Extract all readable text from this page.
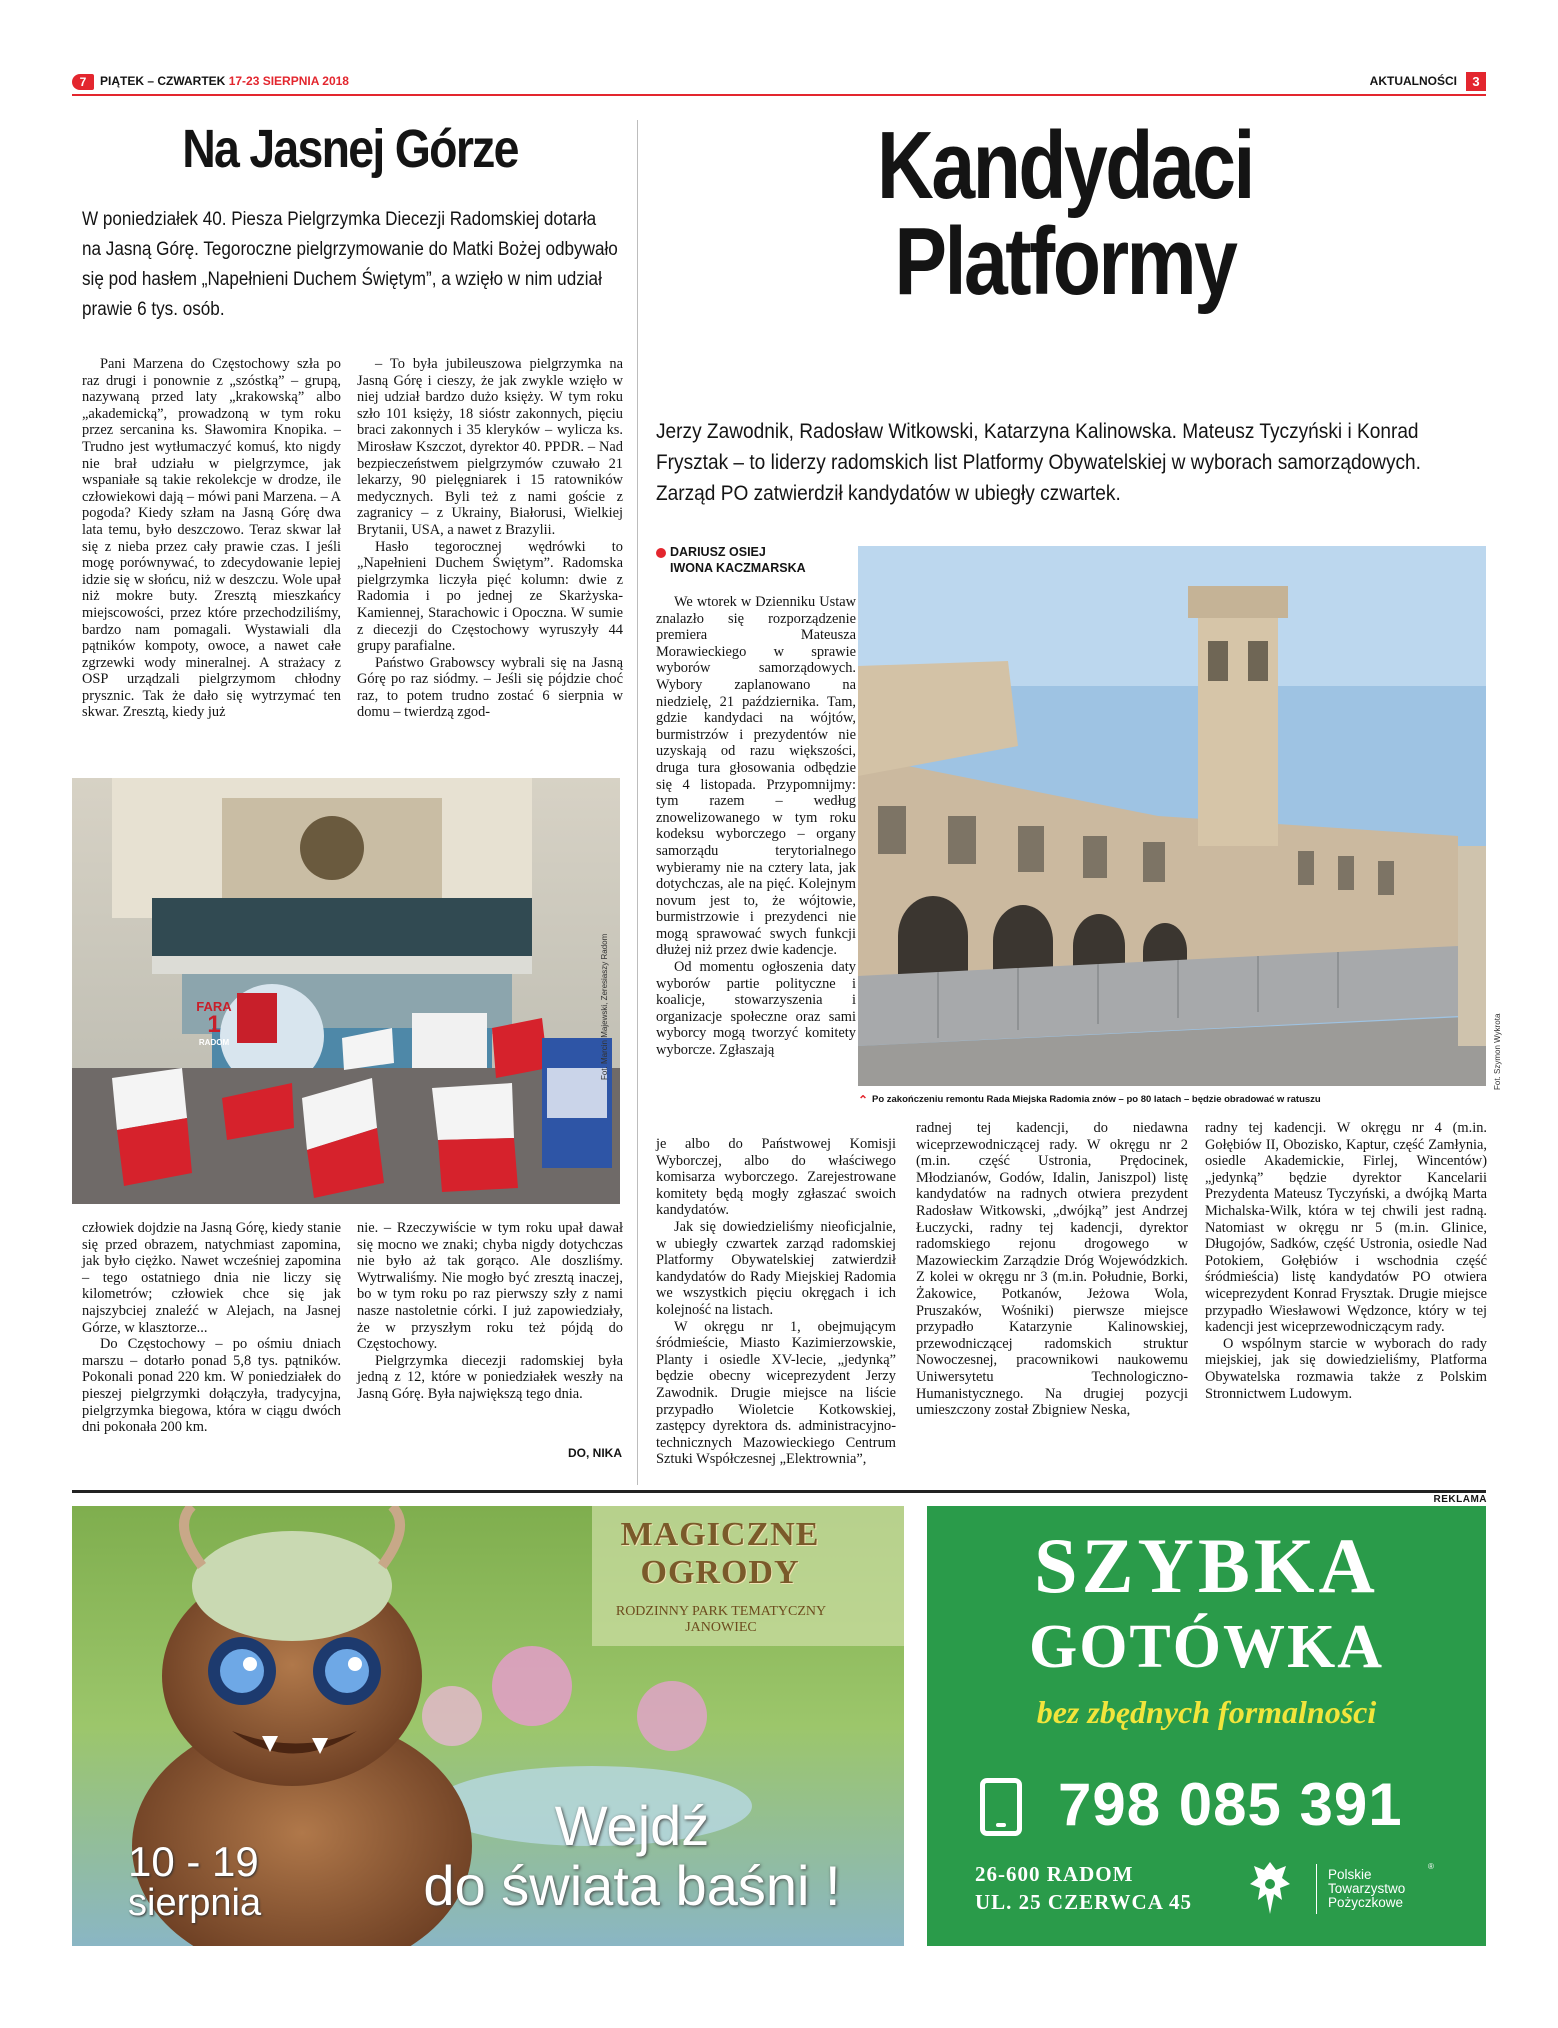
7	PIĄTEK – CZWARTEK 17-23 SIERPNIA 2018	AKTUALNOŚCI	3
Na Jasnej Górze
W poniedziałek 40. Piesza Pielgrzymka Diecezji Radomskiej dotarła na Jasną Górę. Tegoroczne pielgrzymowanie do Matki Bożej odbywało się pod hasłem „Napełnieni Duchem Świętym”, a wzięło w nim udział prawie 6 tys. osób.

Pani Marzena do Częstochowy szła po raz drugi i ponownie z „szóstką” – grupą, nazywaną przed laty „krakowską” albo „akademicką”, prowadzoną w tym roku przez sercanina ks. Sławomira Knopika. – Trudno jest wytłumaczyć komuś, kto nigdy nie brał udziału w pielgrzymce, jak wspaniałe są takie rekolekcje w drodze, ile człowiekowi dają – mówi pani Marzena. – A pogoda? Kiedy szłam na Jasną Górę dwa lata temu, było deszczowo. Teraz skwar lał się z nieba przez cały prawie czas. I jeśli mogę porównywać, to zdecydowanie lepiej idzie się w słońcu, niż w deszczu. Wole upał niż mokre buty. Zresztą mieszkańcy miejscowości, przez które przechodziliśmy, bardzo nam pomagali. Wystawiali dla pątników kompoty, owoce, a nawet całe zgrzewki wody mineralnej. A strażacy z OSP urządzali pielgrzymom chłodny prysznic. Tak że dało się wytrzymać ten skwar. Zresztą, kiedy już

– To była jubileuszowa pielgrzymka na Jasną Górę i cieszy, że jak zwykle wzięło w niej udział bardzo dużo księży. W tym roku szło 101 księży, 18 sióstr zakonnych, pięciu braci zakonnych i 35 kleryków – wylicza ks. Mirosław Kszczot, dyrektor 40. PPDR. – Nad bezpieczeństwem pielgrzymów czuwało 21 lekarzy, 90 pielęgniarek i 15 ratowników medycznych. Byli też z nami goście z zagranicy – z Ukrainy, Białorusi, Wielkiej Brytanii, USA, a nawet z Brazylii.

Hasło tegorocznej wędrówki to „Napełnieni Duchem Świętym”. Radomska pielgrzymka liczyła pięć kolumn: dwie z Radomia i po jednej ze Skarżyska-Kamiennej, Starachowic i Opoczna. W sumie z diecezji do Częstochowy wyruszyły 44 grupy parafialne.

Państwo Grabowscy wybrali się na Jasną Górę po raz siódmy. – Jeśli się pójdzie choć raz, to potem trudno zostać 6 sierpnia w domu – twierdzą zgod-

Fot. Marcin Majewski, Zeresiaszy Radom
FARA
1
RADOM

człowiek dojdzie na Jasną Górę, kiedy stanie się przed obrazem, natychmiast zapomina, jak było ciężko. Nawet wcześniej zapomina – tego ostatniego dnia nie liczy się kilometrów; człowiek chce się jak najszybciej znaleźć w Alejach, na Jasnej Górze, w klasztorze...

Do Częstochowy – po ośmiu dniach marszu – dotarło ponad 5,8 tys. pątników. Pokonali ponad 220 km. W poniedziałek do pieszej pielgrzymki dołączyła, tradycyjna, pielgrzymka biegowa, która w ciągu dwóch dni pokonała 200 km.

nie. – Rzeczywiście w tym roku upał dawał się mocno we znaki; chyba nigdy dotychczas nie było aż tak gorąco. Ale doszliśmy. Wytrwaliśmy. Nie mogło być zresztą inaczej, bo w tym roku po raz pierwszy szły z nami nasze nastoletnie córki. I już zapowiedziały, że w przyszłym roku też pójdą do Częstochowy.

Pielgrzymka diecezji radomskiej była jedną z 12, które w poniedziałek weszły na Jasną Górę. Była największą tego dnia.

DO, NIKA
Kandydaci
Platformy
Jerzy Zawodnik, Radosław Witkowski, Katarzyna Kalinowska. Mateusz Tyczyński i Konrad Frysztak – to liderzy radomskich list Platformy Obywatelskiej w wyborach samorządowych. Zarząd PO zatwierdził kandydatów w ubiegły czwartek.
DARIUSZ OSIEJ
IWONA KACZMARSKA

We wtorek w Dzienniku Ustaw znalazło się rozporządzenie premiera Mateusza Morawieckiego w sprawie wyborów samorządowych. Wybory zaplanowano na niedzielę, 21 października. Tam, gdzie kandydaci na wójtów, burmistrzów i prezydentów nie uzyskają od razu większości, druga tura głosowania odbędzie się 4 listopada. Przypomnijmy: tym razem – według znowelizowanego w tym roku kodeksu wyborczego – organy samorządu terytorialnego wybieramy nie na cztery lata, jak dotychczas, ale na pięć. Kolejnym novum jest to, że wójtowie, burmistrzowie i prezydenci nie mogą sprawować swych funkcji dłużej niż przez dwie kadencje.

Od momentu ogłoszenia daty wyborów partie polityczne i koalicje, stowarzyszenia i organizacje społeczne oraz sami wyborcy mogą tworzyć komitety wyborcze. Zgłaszają	Fot. Szymon Wykrota
⌃ Po zakończeniu remontu Rada Miejska Radomia znów – po 80 latach – będzie obradować w ratuszu

je albo do Państwowej Komisji Wyborczej, albo do właściwego komisarza wyborczego. Zarejestrowane komitety będą mogły zgłaszać swoich kandydatów.

Jak się dowiedzieliśmy nieoficjalnie, w ubiegły czwartek zarząd radomskiej Platformy Obywatelskiej zatwierdził kandydatów do Rady Miejskiej Radomia we wszystkich pięciu okręgach i ich kolejność na listach.

W okręgu nr 1, obejmującym śródmieście, Miasto Kazimierzowskie, Planty i osiedle XV-lecie, „jedynką” będzie obecny wiceprezydent Jerzy Zawodnik. Drugie miejsce na liście przypadło Wioletcie Kotkowskiej, zastępcy dyrektora ds. administracyjno-technicznych Mazowieckiego Centrum Sztuki Współczesnej „Elektrownia”,

radnej tej kadencji, do niedawna wiceprzewodniczącej rady. W okręgu nr 2 (m.in. część Ustronia, Prędocinek, Młodzianów, Godów, Idalin, Janiszpol) listę kandydatów na radnych otwiera prezydent Radosław Witkowski, „dwójką” jest Andrzej Łuczycki, radny tej kadencji, dyrektor radomskiego rejonu drogowego w Mazowieckim Zarządzie Dróg Wojewódzkich. Z kolei w okręgu nr 3 (m.in. Południe, Borki, Żakowice, Potkanów, Jeżowa Wola, Pruszaków, Wośniki) pierwsze miejsce przypadło Katarzynie Kalinowskiej, przewodniczącej radomskich struktur Nowoczesnej, pracownikowi naukowemu Uniwersytetu Technologiczno-Humanistycznego. Na drugiej pozycji umieszczony został Zbigniew Neska,

radny tej kadencji. W okręgu nr 4 (m.in. Gołębiów II, Obozisko, Kaptur, część Zamłynia, osiedle Akademickie, Firlej, Wincentów) „jedynką” będzie dyrektor Kancelarii Prezydenta Mateusz Tyczyński, a dwójką Marta Michalska-Wilk, która w tej chwili jest radną. Natomiast w okręgu nr 5 (m.in. Glinice, Długojów, Sadków, część Ustronia, osiedle Nad Potokiem, Gołębiów i wschodnia część śródmieścia) listę kandydatów PO otwiera wiceprezydent Konrad Frysztak. Drugie miejsce przypadło Wiesławowi Wędzonce, który w tej kadencji jest wiceprzewodniczącym rady.

O wspólnym starcie w wyborach do rady miejskiej, jak się dowiedzieliśmy, Platforma Obywatelska rozmawia także z Polskim Stronnictwem Ludowym.

REKLAMA
MAGICZNE
OGRODY
RODZINNY PARK TEMATYCZNY
JANOWIEC
10 - 19
sierpnia
Wejdź
do świata baśni !
SZYBKA
GOTÓWKA
bez zbędnych formalności
798 085 391
26-600 RADOM
UL. 25 CZERWCA 45
Polskie
Towarzystwo
Pożyczkowe
®
